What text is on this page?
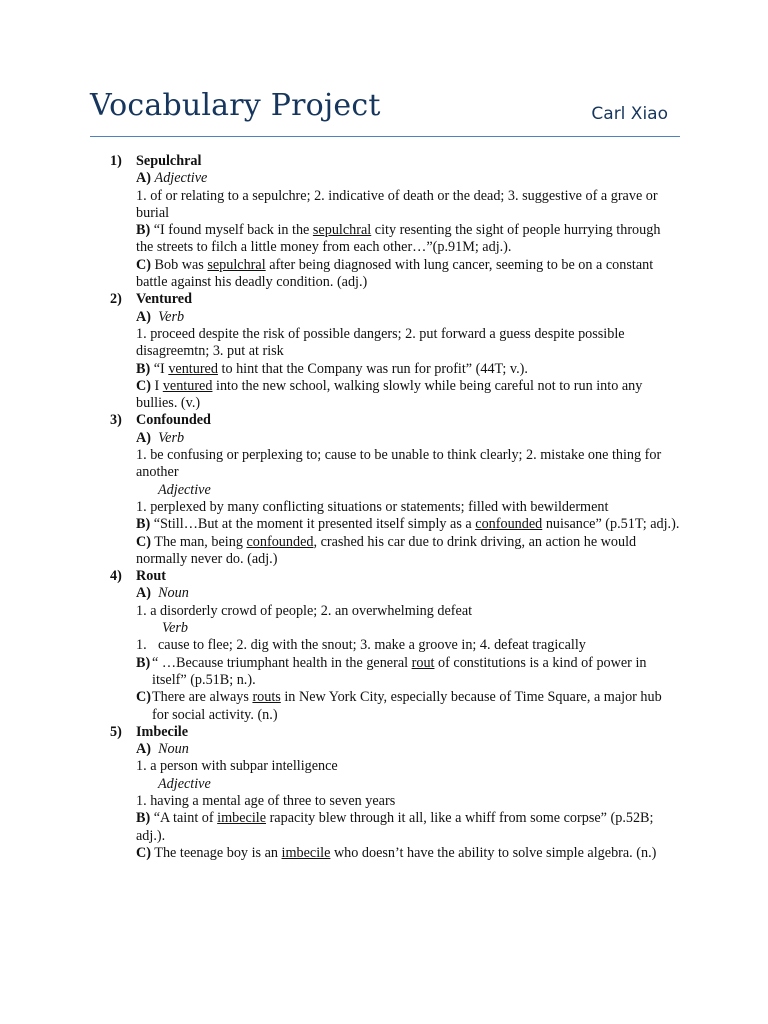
Vocabulary Project	Carl Xiao
1) Sepulchral
A) Adjective
1. of or relating to a sepulchre; 2. indicative of death or the dead; 3. suggestive of a grave or burial
B) “I found myself back in the sepulchral city resenting the sight of people hurrying through the streets to filch a little money from each other…”(p.91M; adj.).
C) Bob was sepulchral after being diagnosed with lung cancer, seeming to be on a constant battle against his deadly condition. (adj.)
2) Ventured
A) Verb
1. proceed despite the risk of possible dangers; 2. put forward a guess despite possible disagreemtn; 3. put at risk
B) “I ventured to hint that the Company was run for profit” (44T; v.).
C) I ventured into the new school, walking slowly while being careful not to run into any bullies. (v.)
3) Confounded
A) Verb
1. be confusing or perplexing to; cause to be unable to think clearly; 2. mistake one thing for another
Adjective
1. perplexed by many conflicting situations or statements; filled with bewilderment
B) “Still…But at the moment it presented itself simply as a confounded nuisance” (p.51T; adj.).
C) The man, being confounded, crashed his car due to drink driving, an action he would normally never do. (adj.)
4) Rout
A) Noun
1. a disorderly crowd of people; 2. an overwhelming defeat
Verb
1. cause to flee; 2. dig with the snout; 3. make a groove in; 4. defeat tragically
B) “ …Because triumphant health in the general rout of constitutions is a kind of power in itself” (p.51B; n.).
C) There are always routs in New York City, especially because of Time Square, a major hub for social activity. (n.)
5) Imbecile
A) Noun
1. a person with subpar intelligence
Adjective
1. having a mental age of three to seven years
B) “A taint of imbecile rapacity blew through it all, like a whiff from some corpse” (p.52B; adj.).
C) The teenage boy is an imbecile who doesn’t have the ability to solve simple algebra. (n.)
